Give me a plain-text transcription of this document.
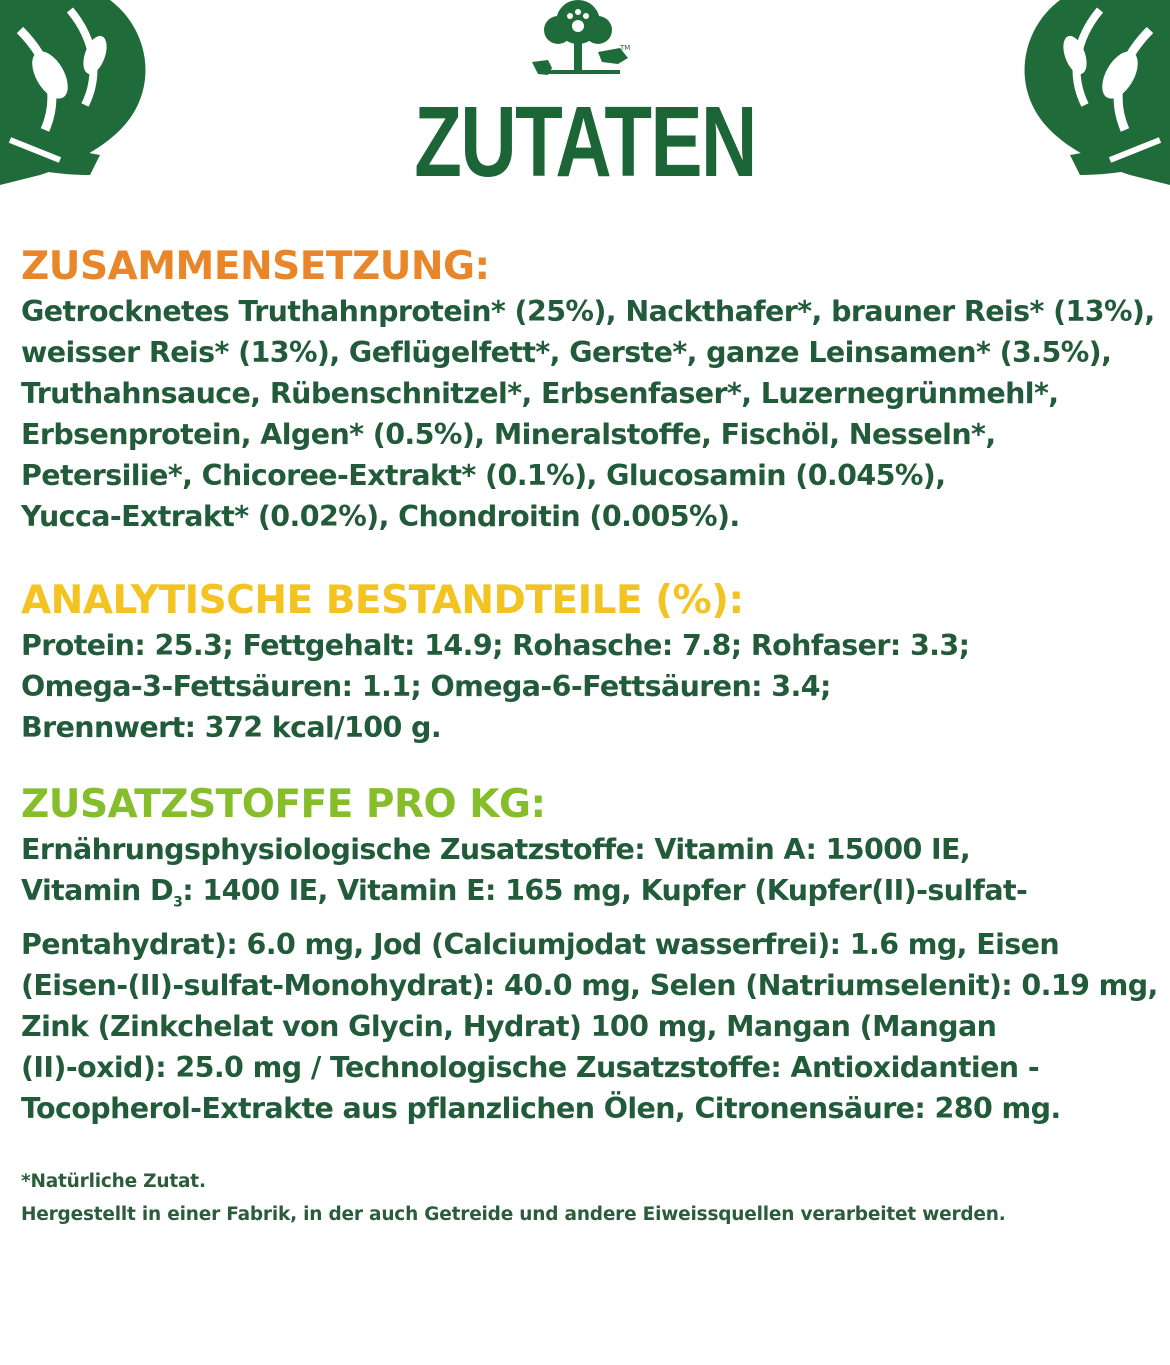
TM
ZUTATEN
ZUSAMMENSETZUNG:

Getrocknetes Truthahnprotein* (25%), Nackthafer*, brauner Reis* (13%),

weisser Reis* (13%), Geflügelfett*, Gerste*, ganze Leinsamen* (3.5%),

Truthahnsauce, Rübenschnitzel*, Erbsenfaser*, Luzernegrünmehl*,

Erbsenprotein, Algen* (0.5%), Mineralstoffe, Fischöl, Nesseln*,

Petersilie*, Chicoree-Extrakt* (0.1%), Glucosamin (0.045%),

Yucca-Extrakt* (0.02%), Chondroitin (0.005%).

ANALYTISCHE BESTANDTEILE (%):

Protein: 25.3; Fettgehalt: 14.9; Rohasche: 7.8; Rohfaser: 3.3;

Omega-3-Fettsäuren: 1.1; Omega-6-Fettsäuren: 3.4;

Brennwert: 372 kcal/100 g.

ZUSATZSTOFFE PRO KG:

Ernährungsphysiologische Zusatzstoffe: Vitamin A: 15000 IE,

Vitamin $D_3$: 1400 IE, Vitamin E: 165 mg, Kupfer (Kupfer(II)-sulfat-

Pentahydrat): 6.0 mg, Jod (Calciumjodat wasserfrei): 1.6 mg, Eisen

(Eisen-(II)-sulfat-Monohydrat): 40.0 mg, Selen (Natriumselenit): 0.19 mg,

Zink (Zinkchelat von Glycin, Hydrat) 100 mg, Mangan (Mangan

(II)-oxid): 25.0 mg / Technologische Zusatzstoffe: Antioxidantien -

Tocopherol-Extrakte aus pflanzlichen Ölen, Citronensäure: 280 mg.

*Natürliche Zutat.
Hergestellt in einer Fabrik, in der auch Getreide und andere Eiweissquellen verarbeitet werden.
